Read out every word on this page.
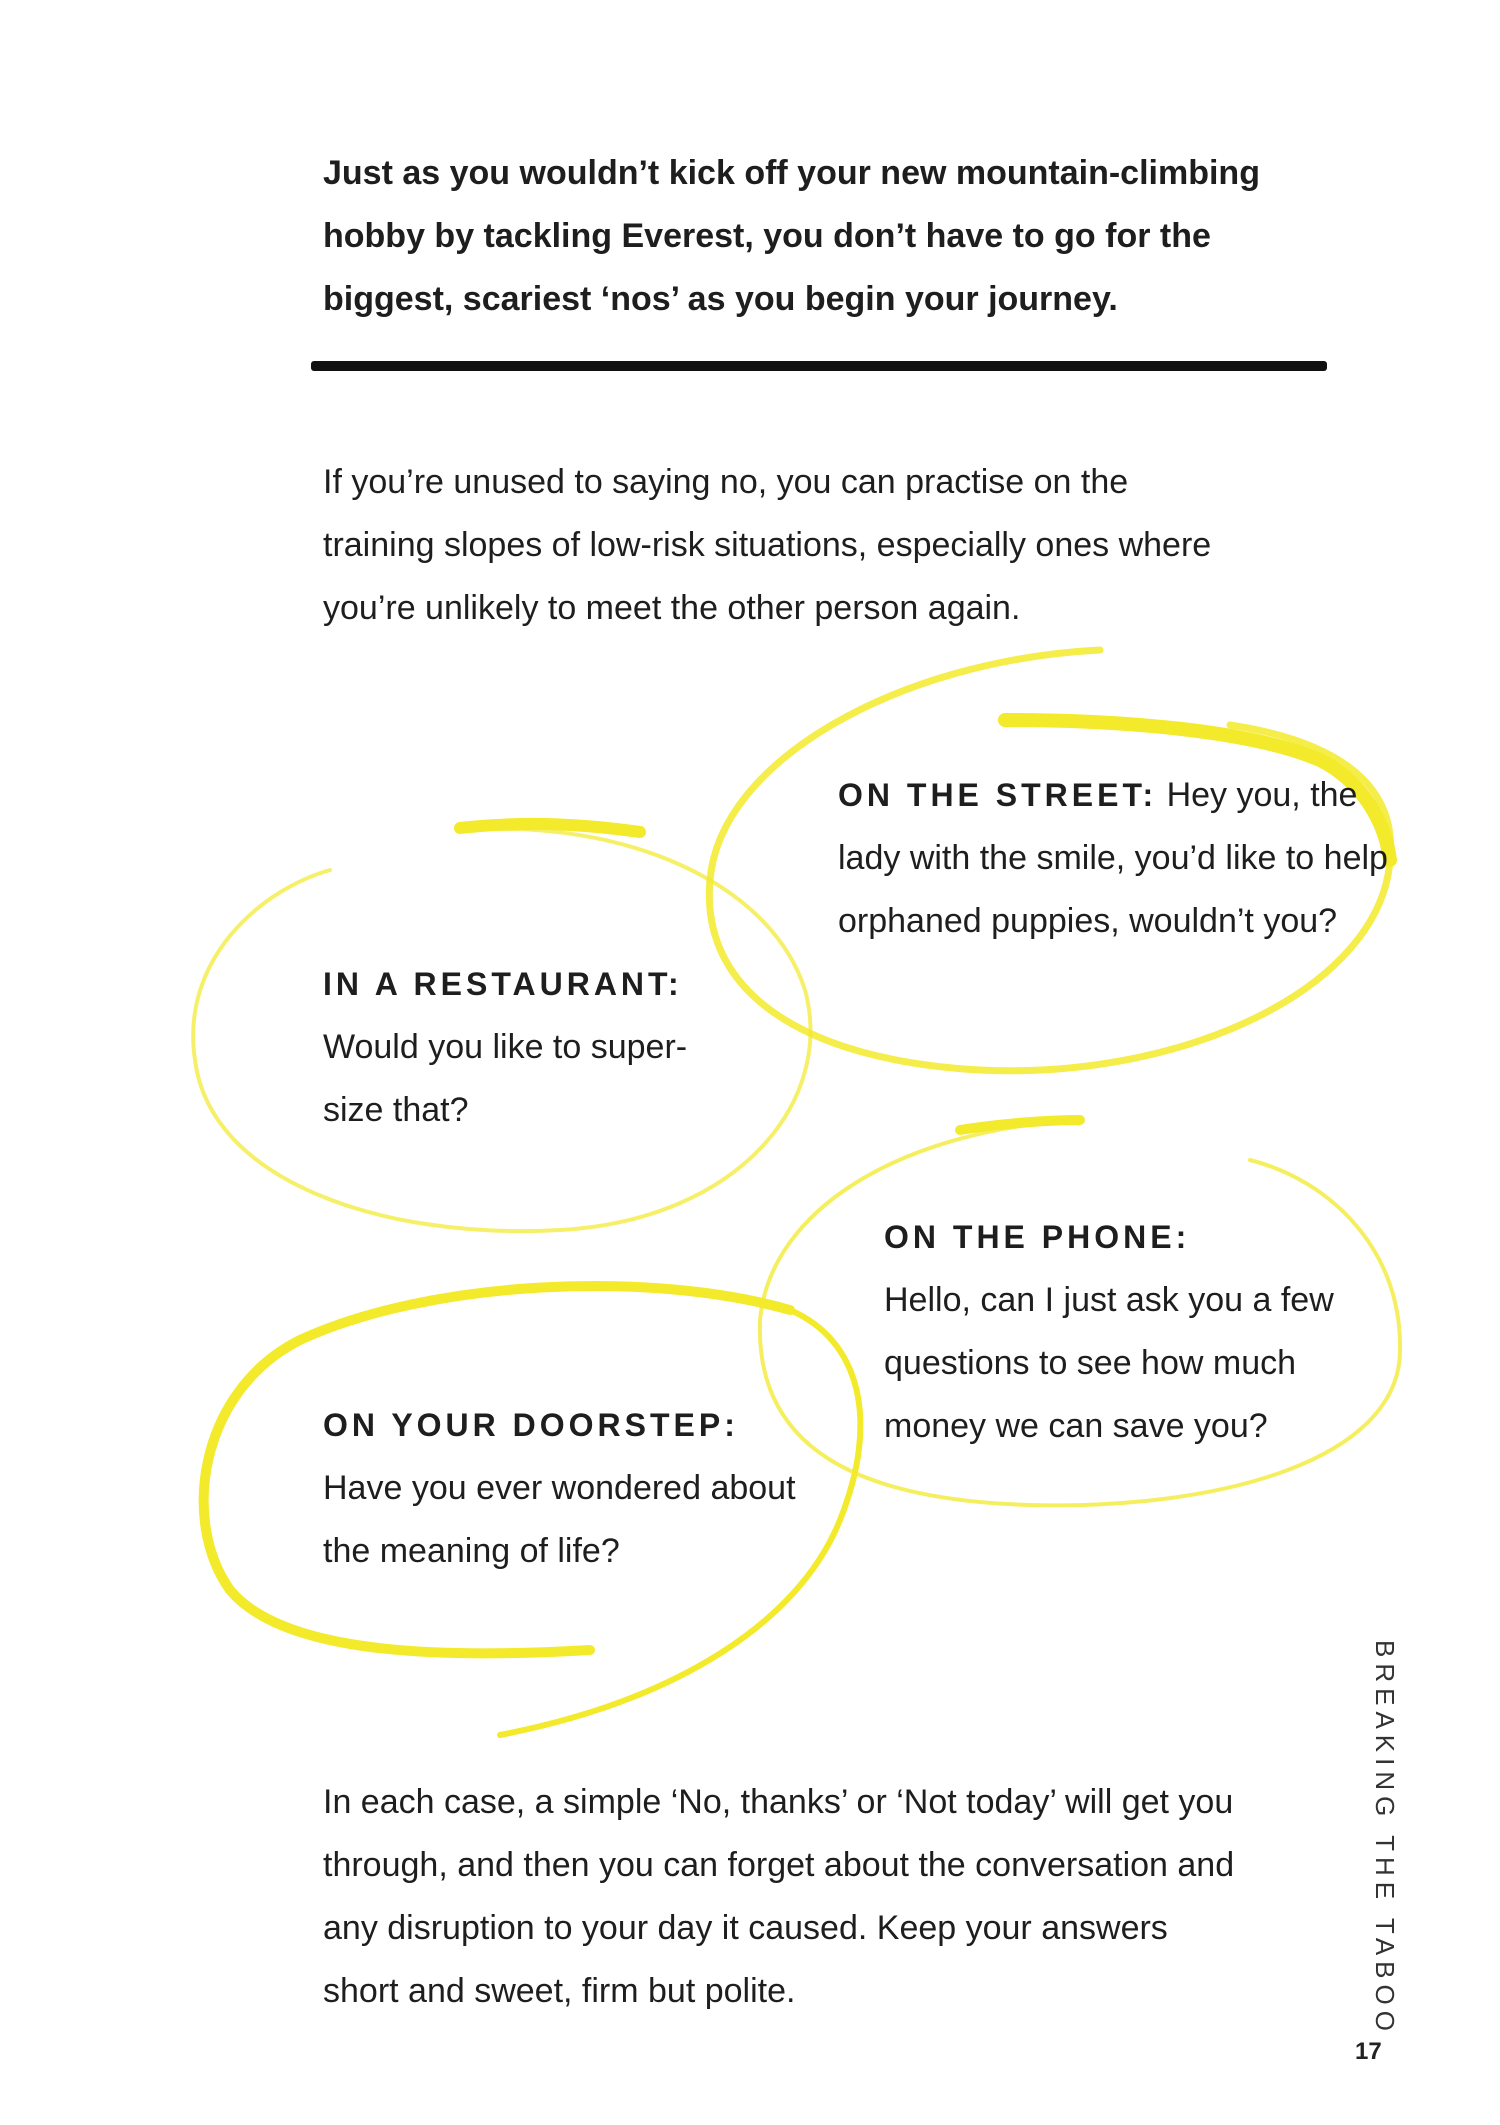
Just as you wouldn’t kick off your new mountain-climbing hobby by tackling Everest, you don’t have to go for the biggest, scariest ‘nos’ as you begin your journey.

If you’re unused to saying no, you can practise on the training slopes of low-risk situations, especially ones where you’re unlikely to meet the other person again.

IN A RESTAURANT:
Would you like to super-size that?
ON THE STREET: Hey you, the lady with the smile, you’d like to help orphaned puppies, wouldn’t you?
ON YOUR DOORSTEP:
Have you ever wondered about the meaning of life?
ON THE PHONE:
Hello, can I just ask you a few questions to see how much money we can save you?

In each case, a simple ‘No, thanks’ or ‘Not today’ will get you through, and then you can forget about the conversation and any disruption to your day it caused. Keep your answers short and sweet, firm but polite.	BREAKING THE TABOO
17
